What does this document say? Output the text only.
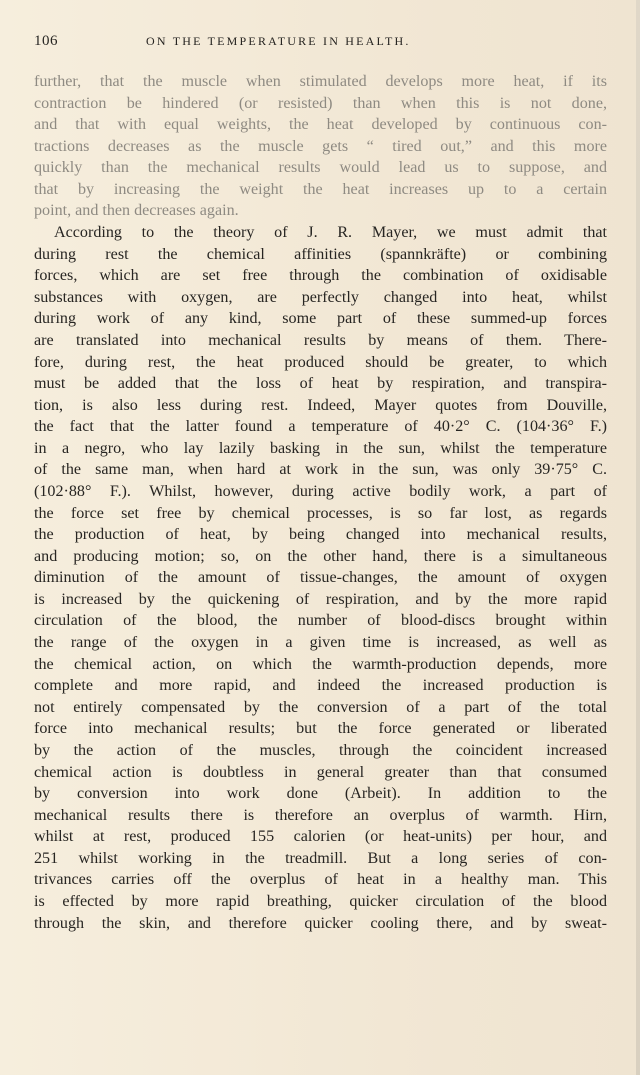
106	ON THE TEMPERATURE IN HEALTH.
further, that the muscle when stimulated develops more heat, if its
contraction be hindered (or resisted) than when this is not done,
and that with equal weights, the heat developed by continuous con-
tractions decreases as the muscle gets “ tired out,” and this more
quickly than the mechanical results would lead us to suppose, and
that by increasing the weight the heat increases up to a certain
point, and then decreases again.
According to the theory of J. R. Mayer, we must admit that
during rest the chemical affinities (spannkräfte) or combining
forces, which are set free through the combination of oxidisable
substances with oxygen, are perfectly changed into heat, whilst
during work of any kind, some part of these summed-up forces
are translated into mechanical results by means of them. There-
fore, during rest, the heat produced should be greater, to which
must be added that the loss of heat by respiration, and transpira-
tion, is also less during rest. Indeed, Mayer quotes from Douville,
the fact that the latter found a temperature of 40·2° C. (104·36° F.)
in a negro, who lay lazily basking in the sun, whilst the temperature
of the same man, when hard at work in the sun, was only 39·75° C.
(102·88° F.). Whilst, however, during active bodily work, a part of
the force set free by chemical processes, is so far lost, as regards
the production of heat, by being changed into mechanical results,
and producing motion; so, on the other hand, there is a simultaneous
diminution of the amount of tissue-changes, the amount of oxygen
is increased by the quickening of respiration, and by the more rapid
circulation of the blood, the number of blood-discs brought within
the range of the oxygen in a given time is increased, as well as
the chemical action, on which the warmth-production depends, more
complete and more rapid, and indeed the increased production is
not entirely compensated by the conversion of a part of the total
force into mechanical results; but the force generated or liberated
by the action of the muscles, through the coincident increased
chemical action is doubtless in general greater than that consumed
by conversion into work done (Arbeit). In addition to the
mechanical results there is therefore an overplus of warmth. Hirn,
whilst at rest, produced 155 calorien (or heat-units) per hour, and
251 whilst working in the treadmill. But a long series of con-
trivances carries off the overplus of heat in a healthy man. This
is effected by more rapid breathing, quicker circulation of the blood
through the skin, and therefore quicker cooling there, and by sweat-
